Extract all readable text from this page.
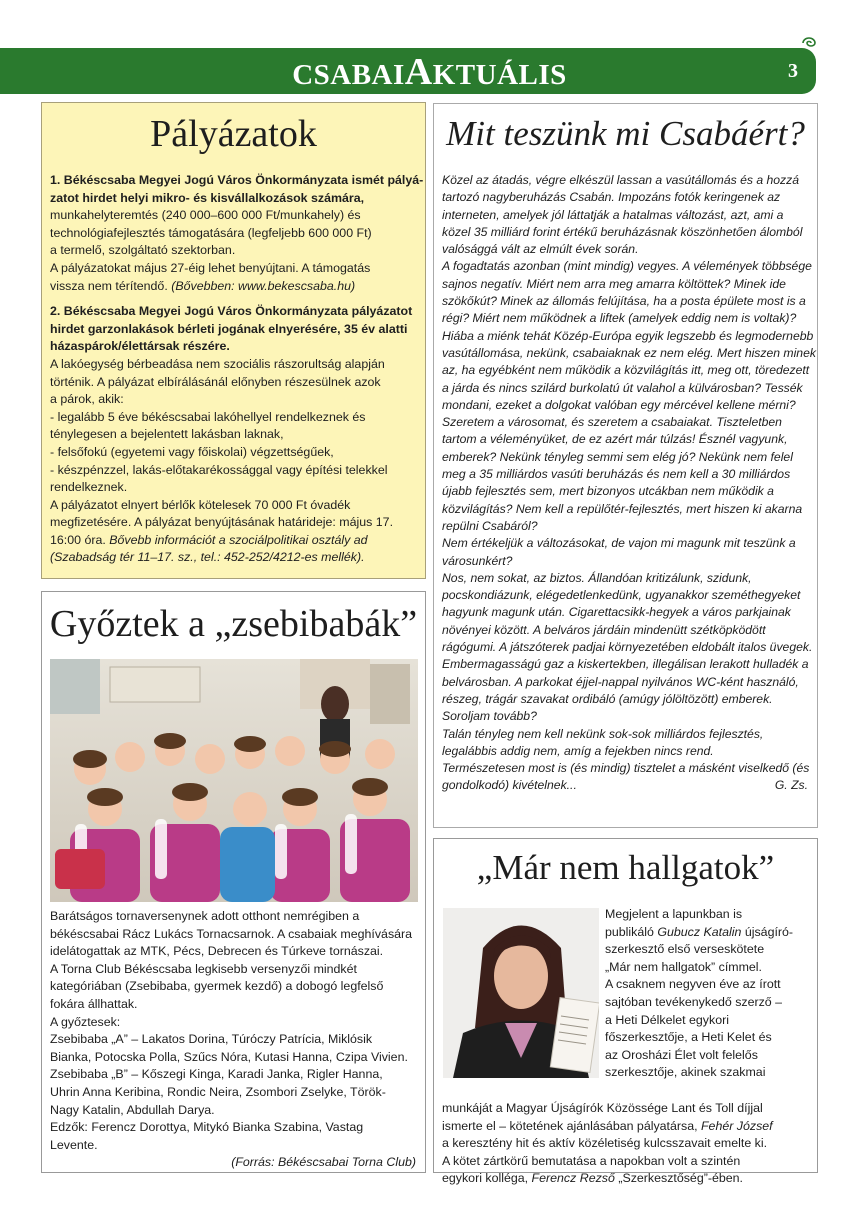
CSABAIAKTUÁLIS	3
Pályázatok	Mit teszünk mi Csabáért?
Győztek a „zsebibabák”
„Már nem hallgatok”
1. Békéscsaba Megyei Jogú Város Önkormányzata ismét pályá-
zatot hirdet helyi mikro- és kisvállalkozások számára,
munkahelyteremtés (240 000–600 000 Ft/munkahely) és
technológiafejlesztés támogatására (legfeljebb 600 000 Ft)
a termelő, szolgáltató szektorban.
A pályázatokat május 27-éig lehet benyújtani. A támogatás
vissza nem térítendő. (Bővebben: www.bekescsaba.hu)
2. Békéscsaba Megyei Jogú Város Önkormányzata pályázatot
hirdet garzonlakások bérleti jogának elnyerésére, 35 év alatti
házaspárok/élettársak részére.
A lakóegység bérbeadása nem szociális rászorultság alapján
történik. A pályázat elbírálásánál előnyben részesülnek azok
a párok, akik:
- legalább 5 éve békéscsabai lakóhellyel rendelkeznek és
ténylegesen a bejelentett lakásban laknak,
- felsőfokú (egyetemi vagy főiskolai) végzettségűek,
- készpénzzel, lakás-előtakarékossággal vagy építési telekkel
rendelkeznek.
A pályázatot elnyert bérlők kötelesek 70 000 Ft óvadék
megfizetésére. A pályázat benyújtásának határideje: május 17.
16:00 óra. Bővebb információt a szociálpolitikai osztály ad
(Szabadság tér 11–17. sz., tel.: 452-252/4212-es mellék).
Közel az átadás, végre elkészül lassan a vasútállomás és a hozzá
tartozó nagyberuházás Csabán. Impozáns fotók keringenek az
interneten, amelyek jól láttatják a hatalmas változást, azt, ami a
közel 35 milliárd forint értékű beruházásnak köszönhetően álomból
valósággá vált az elmúlt évek során.
A fogadtatás azonban (mint mindig) vegyes. A vélemények többsége
sajnos negatív. Miért nem arra meg amarra költöttek? Minek ide
szökőkút? Minek az állomás felújítása, ha a posta épülete most is a
régi? Miért nem működnek a liftek (amelyek eddig nem is voltak)?
Hiába a miénk tehát Közép-Európa egyik legszebb és legmodernebb
vasútállomása, nekünk, csabaiaknak ez nem elég. Mert hiszen minek
az, ha egyébként nem működik a közvilágítás itt, meg ott, töredezett
a járda és nincs szilárd burkolatú út valahol a külvárosban? Tessék
mondani, ezeket a dolgokat valóban egy mércével kellene mérni?
Szeretem a városomat, és szeretem a csabaiakat. Tiszteletben
tartom a véleményüket, de ez azért már túlzás! Észnél vagyunk,
emberek? Nekünk tényleg semmi sem elég jó? Nekünk nem felel
meg a 35 milliárdos vasúti beruházás és nem kell a 30 milliárdos
újabb fejlesztés sem, mert bizonyos utcákban nem működik a
közvilágítás? Nem kell a repülőtér-fejlesztés, mert hiszen ki akarna
repülni Csabáról?
Nem értékeljük a változásokat, de vajon mi magunk mit teszünk a
városunkért?
Nos, nem sokat, az biztos. Állandóan kritizálunk, szidunk,
pocskondiázunk, elégedetlenkedünk, ugyanakkor szeméthegyeket
hagyunk magunk után. Cigarettacsikk-hegyek a város parkjainak
növényei között. A belváros járdáin mindenütt szétköpködött
rágógumi. A játszóterek padjai környezetében eldobált italos üvegek.
Embermagasságú gaz a kiskertekben, illegálisan lerakott hulladék a
belvárosban. A parkokat éjjel-nappal nyilvános WC-ként használó,
részeg, trágár szavakat ordibáló (amúgy jólöltözött) emberek.
Soroljam tovább?
Talán tényleg nem kell nekünk sok-sok milliárdos fejlesztés,
legalábbis addig nem, amíg a fejekben nincs rend.
Természetesen most is (és mindig) tisztelet a másként viselkedő (és
gondolkodó) kivételnek...	G. Zs.
Barátságos tornaversenynek adott otthont nemrégiben a
békéscsabai Rácz Lukács Tornacsarnok. A csabaiak meghívására
idelátogattak az MTK, Pécs, Debrecen és Túrkeve tornászai.
A Torna Club Békéscsaba legkisebb versenyzői mindkét
kategóriában (Zsebibaba, gyermek kezdő) a dobogó legfelső
fokára állhattak.
A győztesek:
Zsebibaba „A” – Lakatos Dorina, Túróczy Patrícia, Miklósik
Bianka, Potocska Polla, Szűcs Nóra, Kutasi Hanna, Czipa Vivien.
Zsebibaba „B” – Kőszegi Kinga, Karadi Janka, Rigler Hanna,
Uhrin Anna Keribina, Rondic Neira, Zsombori Zselyke, Török-
Nagy Katalin, Abdullah Darya.
Edzők: Ferencz Dorottya, Mitykó Bianka Szabina, Vastag
Levente.
(Forrás: Békéscsabai Torna Club)
Megjelent a lapunkban is
publikáló Gubucz Katalin újságíró-
szerkesztő első verseskötete
„Már nem hallgatok” címmel.
A csaknem negyven éve az írott
sajtóban tevékenykedő szerző –
a Heti Délkelet egykori
főszerkesztője, a Heti Kelet és
az Orosházi Élet volt felelős
szerkesztője, akinek szakmai
munkáját a Magyar Újságírók Közössége Lant és Toll díjjal
ismerte el – kötetének ajánlásában pályatársa, Fehér József
a keresztény hit és aktív közéletiség kulcsszavait emelte ki.
A kötet zártkörű bemutatása a napokban volt a szintén
egykori kolléga, Ferencz Rezső „Szerkesztőség”-ében.
